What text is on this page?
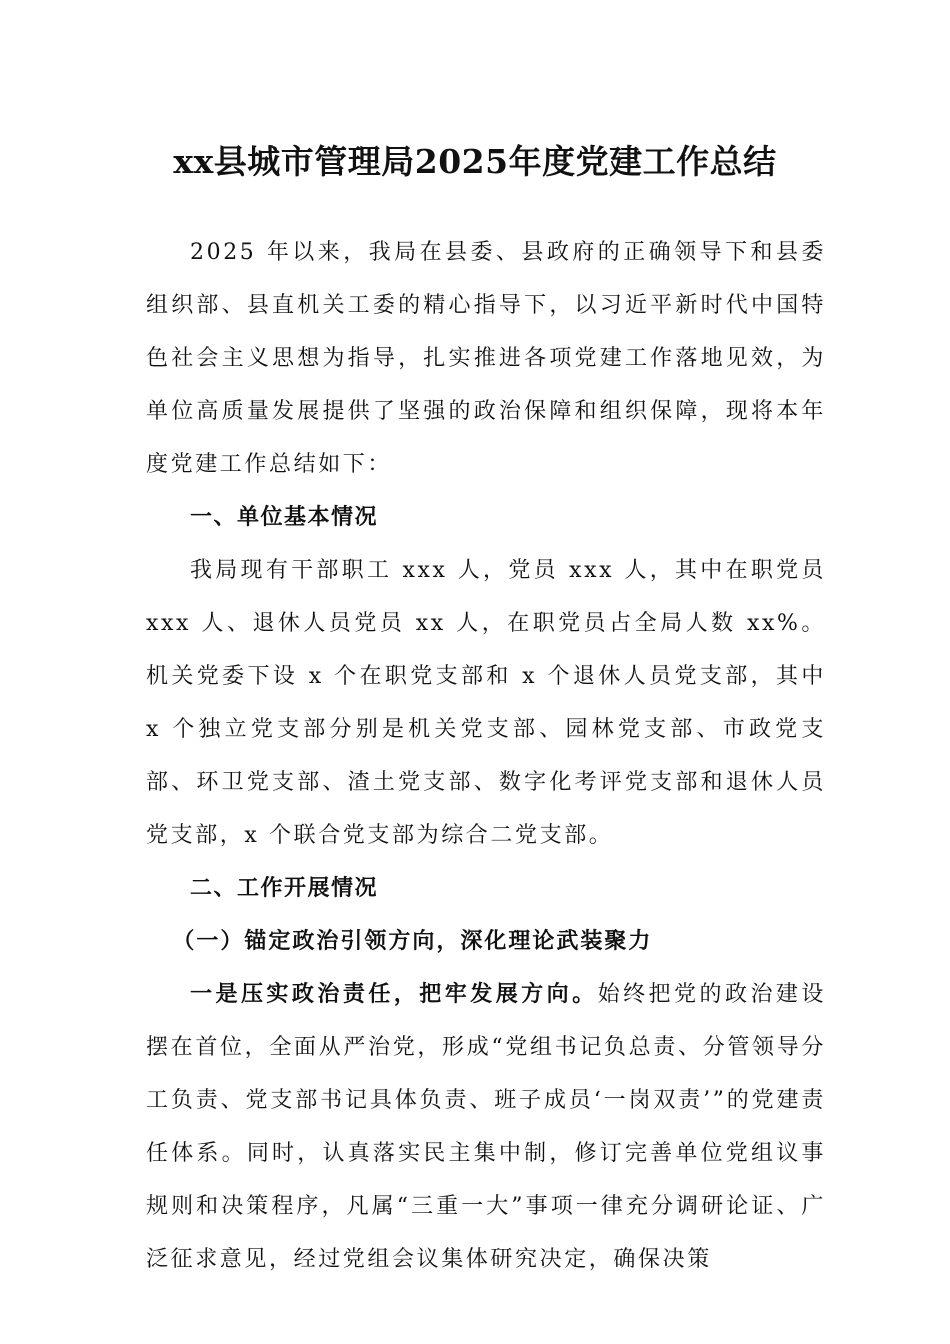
xx县城市管理局2025年度党建工作总结

2025 年以来，我局在县委、县政府的正确领导下和县委组织部、县直机关工委的精心指导下，以习近平新时代中国特色社会主义思想为指导，扎实推进各项党建工作落地见效，为单位高质量发展提供了坚强的政治保障和组织保障，现将本年度党建工作总结如下：

一、单位基本情况

我局现有干部职工 xxx 人，党员 xxx 人，其中在职党员 xxx 人、退休人员党员 xx 人，在职党员占全局人数 xx%。机关党委下设 x 个在职党支部和 x 个退休人员党支部，其中 x 个独立党支部分别是机关党支部、园林党支部、市政党支部、环卫党支部、渣土党支部、数字化考评党支部和退休人员党支部，x 个联合党支部为综合二党支部。

二、工作开展情况

（一）锚定政治引领方向，深化理论武装聚力

一是压实政治责任，把牢发展方向。始终把党的政治建设摆在首位，全面从严治党，形成“党组书记负总责、分管领导分工负责、党支部书记具体负责、班子成员‘一岗双责’”的党建责任体系。同时，认真落实民主集中制，修订完善单位党组议事规则和决策程序，凡属“三重一大”事项一律充分调研论证、广泛征求意见，经过党组会议集体研究决定，确保决策
